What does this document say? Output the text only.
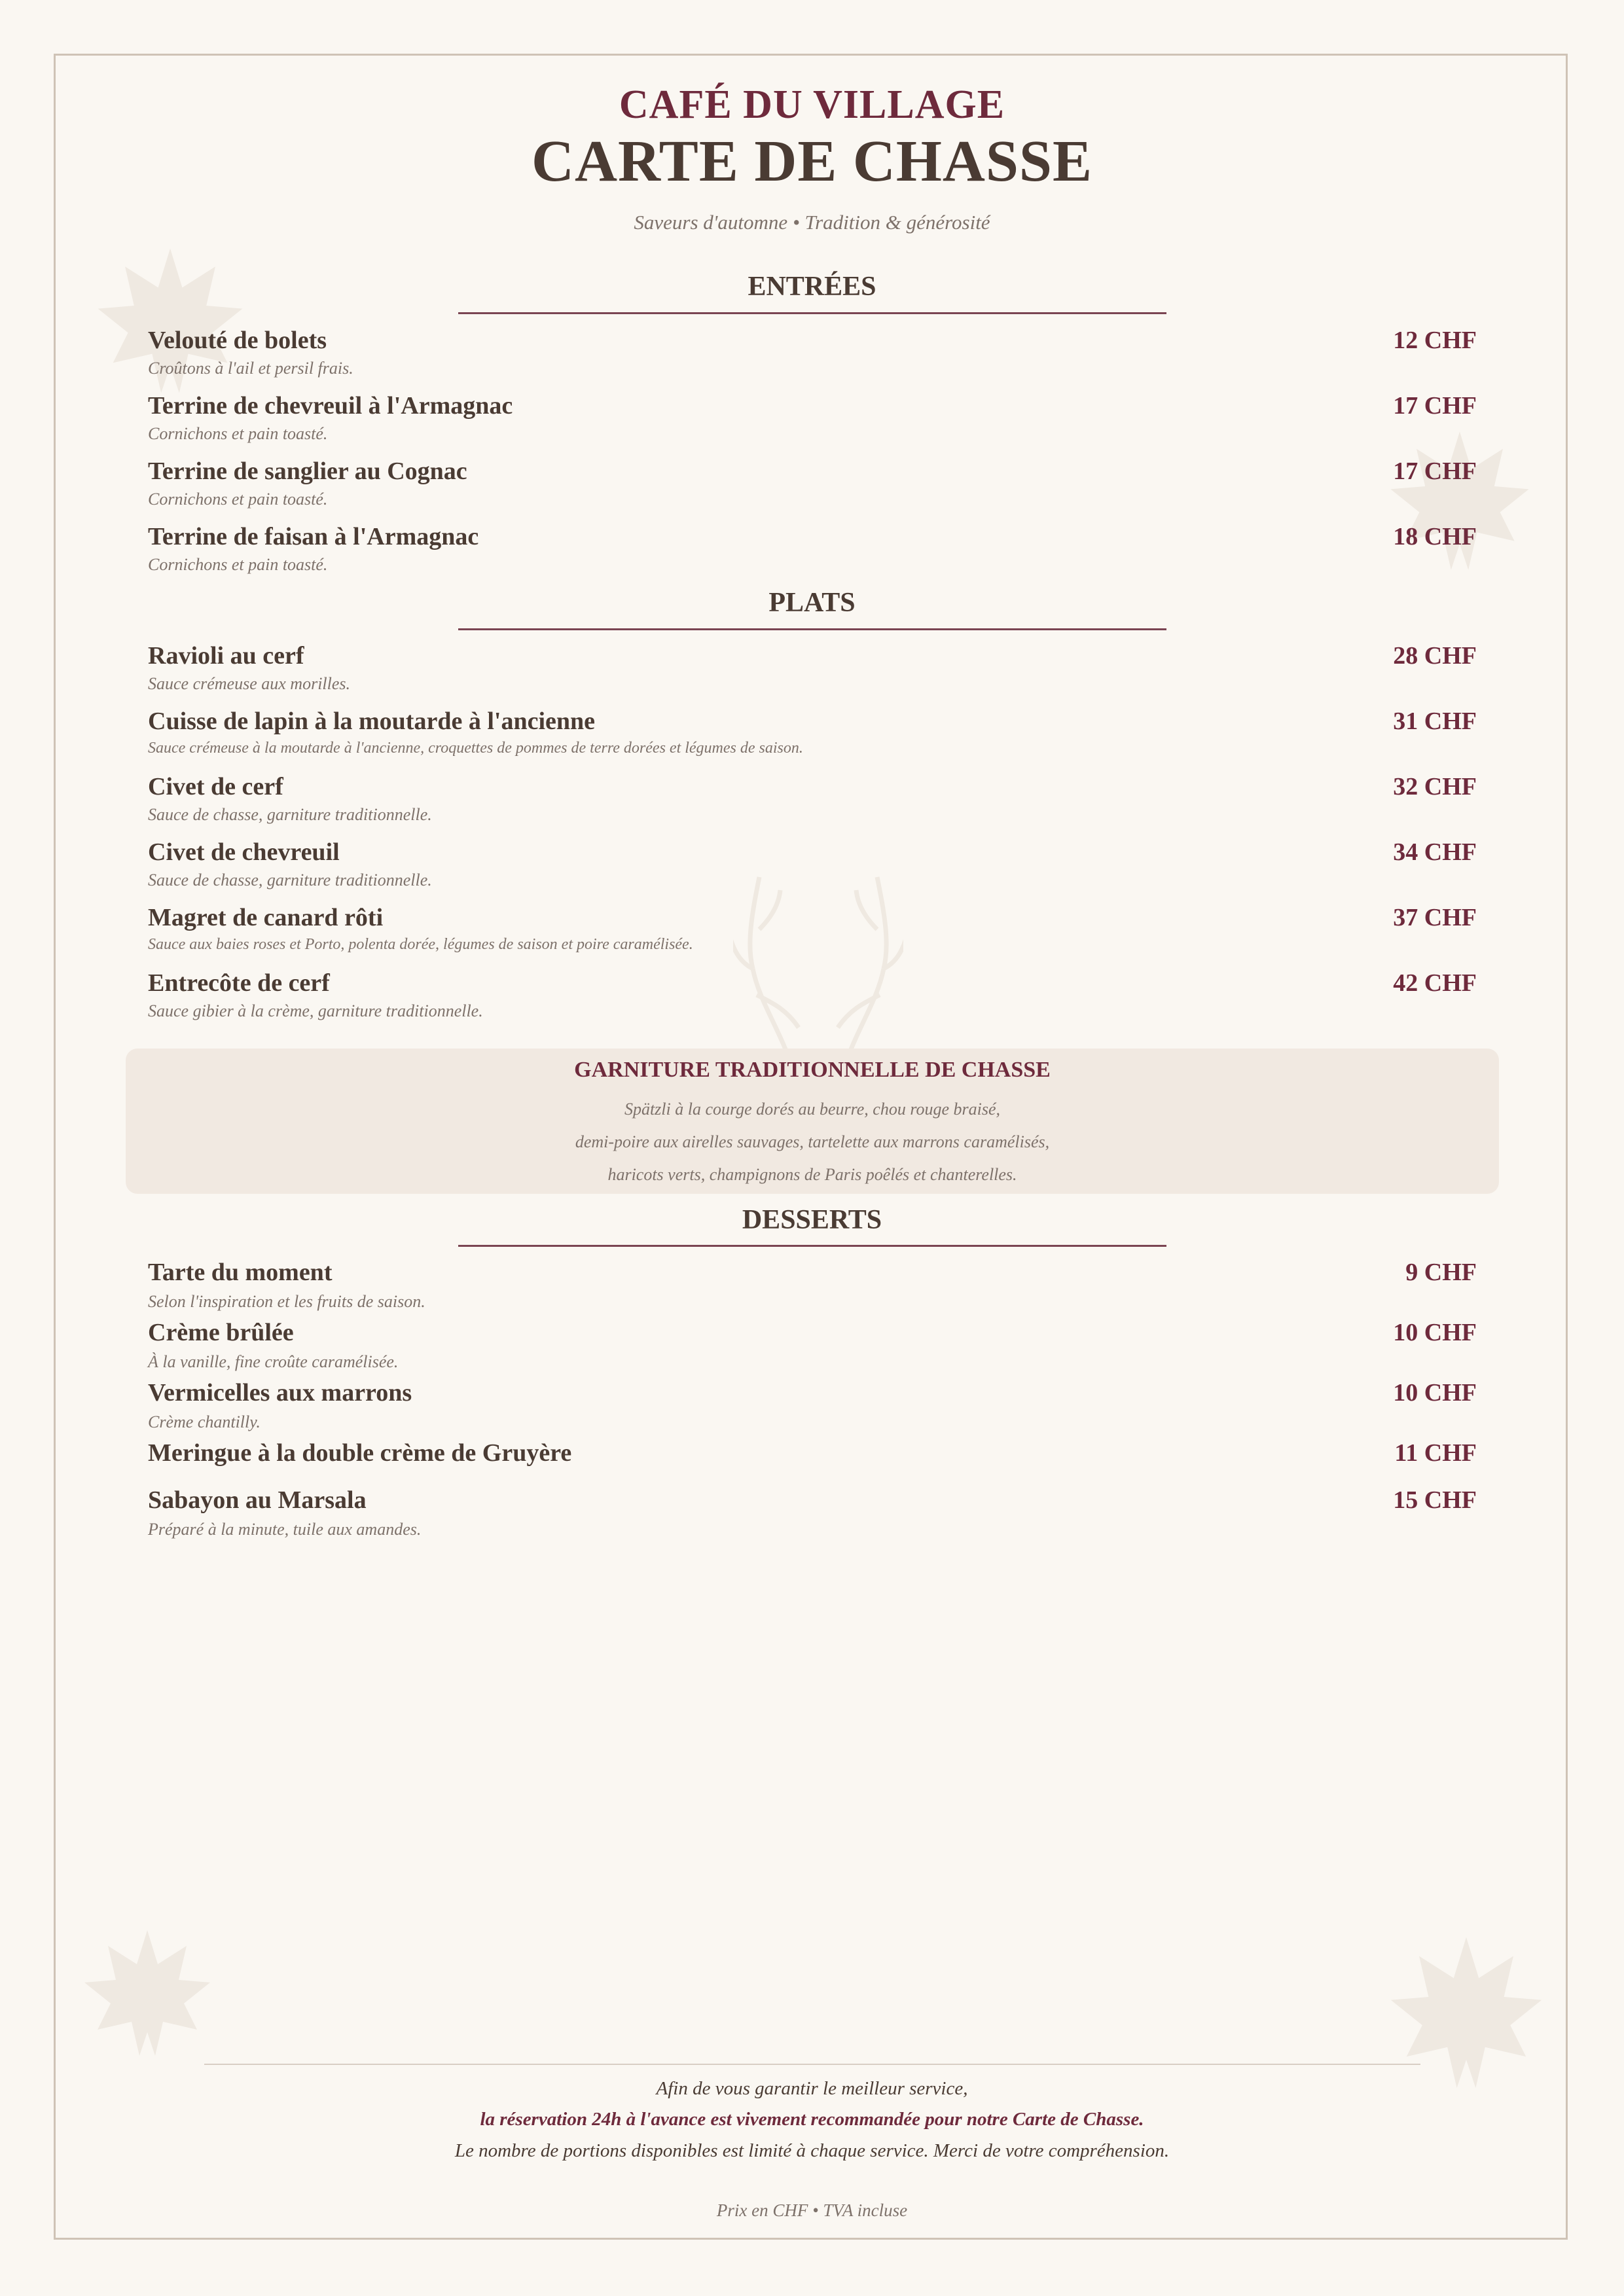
CAFÉ DU VILLAGE
CARTE DE CHASSE
Saveurs d'automne • Tradition & générosité
ENTRÉES
Velouté de bolets	12 CHF
Croûtons à l'ail et persil frais.
Terrine de chevreuil à l'Armagnac	17 CHF
Cornichons et pain toasté.
Terrine de sanglier au Cognac	17 CHF
Cornichons et pain toasté.
Terrine de faisan à l'Armagnac	18 CHF
Cornichons et pain toasté.
PLATS
Ravioli au cerf	28 CHF
Sauce crémeuse aux morilles.
Cuisse de lapin à la moutarde à l'ancienne	31 CHF
Sauce crémeuse à la moutarde à l'ancienne, croquettes de pommes de terre dorées et légumes de saison.
Civet de cerf	32 CHF
Sauce de chasse, garniture traditionnelle.
Civet de chevreuil	34 CHF
Sauce de chasse, garniture traditionnelle.
Magret de canard rôti	37 CHF
Sauce aux baies roses et Porto, polenta dorée, légumes de saison et poire caramélisée.
Entrecôte de cerf	42 CHF
Sauce gibier à la crème, garniture traditionnelle.
GARNITURE TRADITIONNELLE DE CHASSE
Spätzli à la courge dorés au beurre, chou rouge braisé,
demi-poire aux airelles sauvages, tartelette aux marrons caramélisés,
haricots verts, champignons de Paris poêlés et chanterelles.
DESSERTS
Tarte du moment	9 CHF
Selon l'inspiration et les fruits de saison.
Crème brûlée	10 CHF
À la vanille, fine croûte caramélisée.
Vermicelles aux marrons	10 CHF
Crème chantilly.
Meringue à la double crème de Gruyère	11 CHF
Sabayon au Marsala	15 CHF
Préparé à la minute, tuile aux amandes.
Afin de vous garantir le meilleur service,
la réservation 24h à l'avance est vivement recommandée pour notre Carte de Chasse.
Le nombre de portions disponibles est limité à chaque service. Merci de votre compréhension.
Prix en CHF • TVA incluse
